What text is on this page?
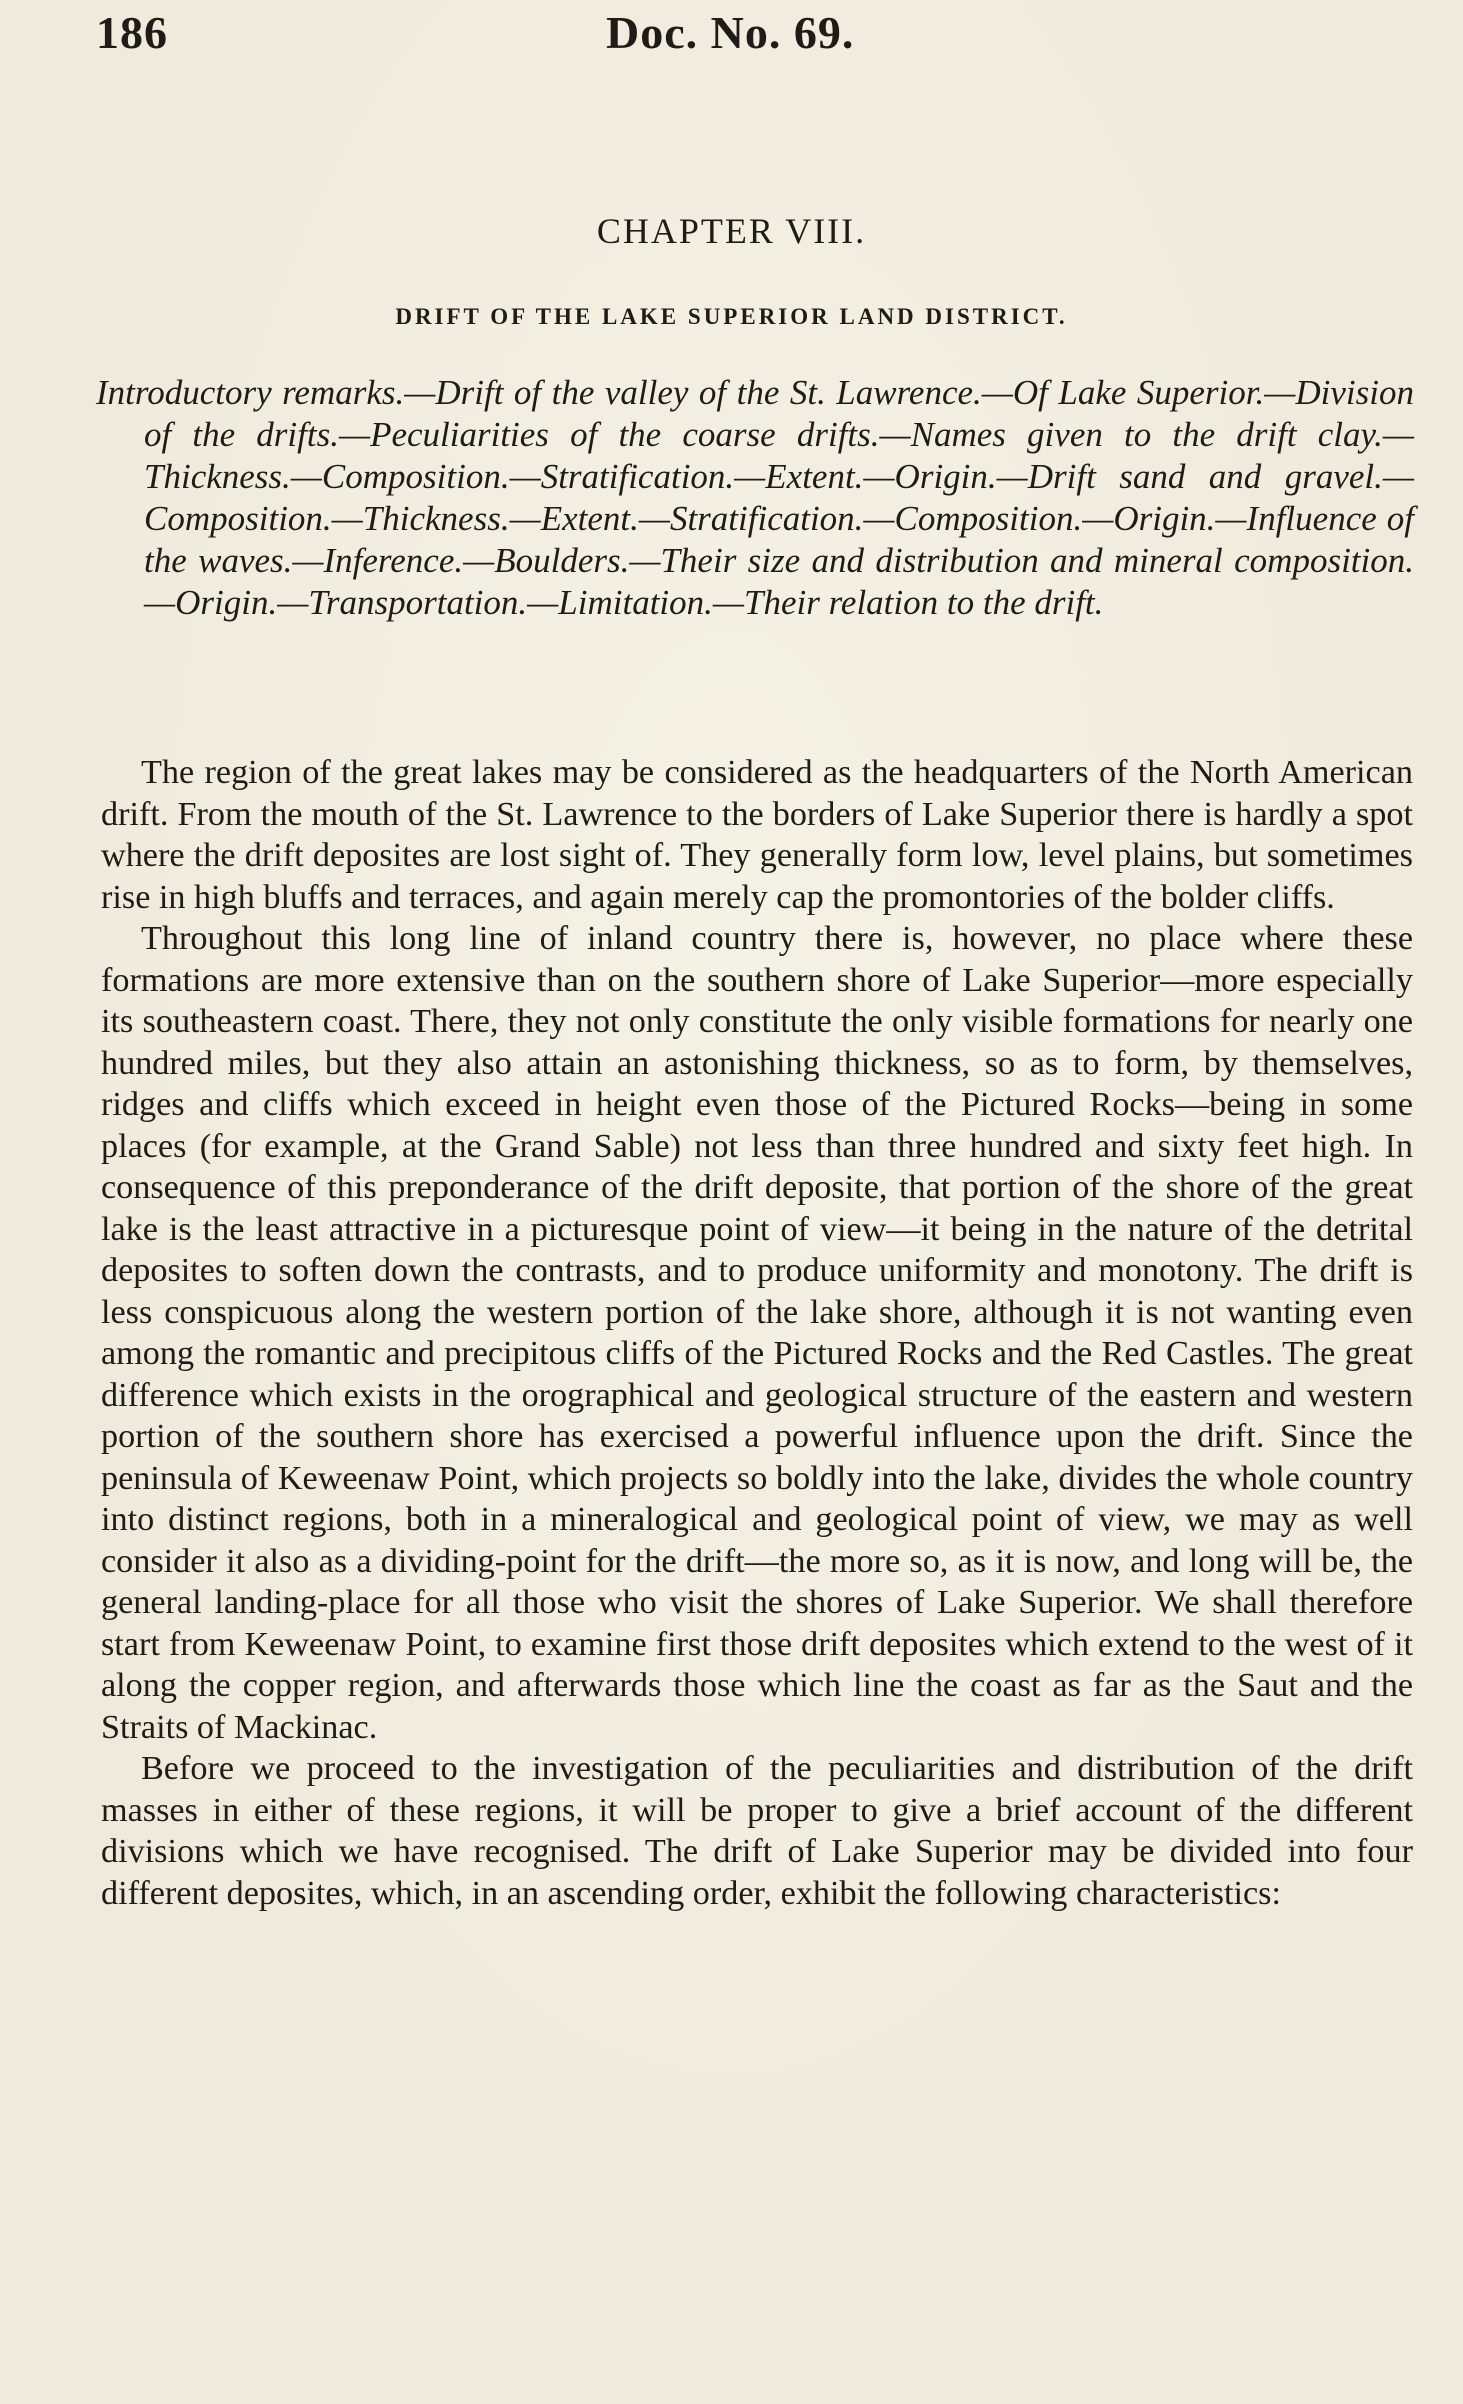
186	Doc. No. 69.
CHAPTER VIII.
DRIFT OF THE LAKE SUPERIOR LAND DISTRICT.
Introductory remarks.—Drift of the valley of the St. Lawrence.—Of Lake Superior.—Division of the drifts.—Peculiarities of the coarse drifts.—Names given to the drift clay.—Thickness.—Composition.—Stratification.—Extent.—Origin.—Drift sand and gravel.—Composition.—Thickness.—Extent.—Stratification.—Composition.—Origin.—Influence of the waves.—Inference.—Boulders.—Their size and distribution and mineral composition.—Origin.—Transportation.—Limitation.—Their relation to the drift.

The region of the great lakes may be considered as the headquarters of the North American drift. From the mouth of the St. Lawrence to the borders of Lake Superior there is hardly a spot where the drift deposites are lost sight of. They generally form low, level plains, but sometimes rise in high bluffs and terraces, and again merely cap the promontories of the bolder cliffs.

Throughout this long line of inland country there is, however, no place where these formations are more extensive than on the southern shore of Lake Superior—more especially its southeastern coast. There, they not only constitute the only visible formations for nearly one hundred miles, but they also attain an astonishing thickness, so as to form, by themselves, ridges and cliffs which exceed in height even those of the Pictured Rocks—being in some places (for example, at the Grand Sable) not less than three hundred and sixty feet high. In consequence of this preponderance of the drift deposite, that portion of the shore of the great lake is the least attractive in a picturesque point of view—it being in the nature of the detrital deposites to soften down the contrasts, and to produce uniformity and monotony. The drift is less conspicuous along the western portion of the lake shore, although it is not wanting even among the romantic and precipitous cliffs of the Pictured Rocks and the Red Castles. The great difference which exists in the orographical and geological structure of the eastern and western portion of the southern shore has exercised a powerful influence upon the drift. Since the peninsula of Keweenaw Point, which projects so boldly into the lake, divides the whole country into distinct regions, both in a mineralogical and geological point of view, we may as well consider it also as a dividing-point for the drift—the more so, as it is now, and long will be, the general landing-place for all those who visit the shores of Lake Superior. We shall therefore start from Keweenaw Point, to examine first those drift deposites which extend to the west of it along the copper region, and afterwards those which line the coast as far as the Saut and the Straits of Mackinac.

Before we proceed to the investigation of the peculiarities and distribution of the drift masses in either of these regions, it will be proper to give a brief account of the different divisions which we have recognised. The drift of Lake Superior may be divided into four different deposites, which, in an ascending order, exhibit the following characteristics:
